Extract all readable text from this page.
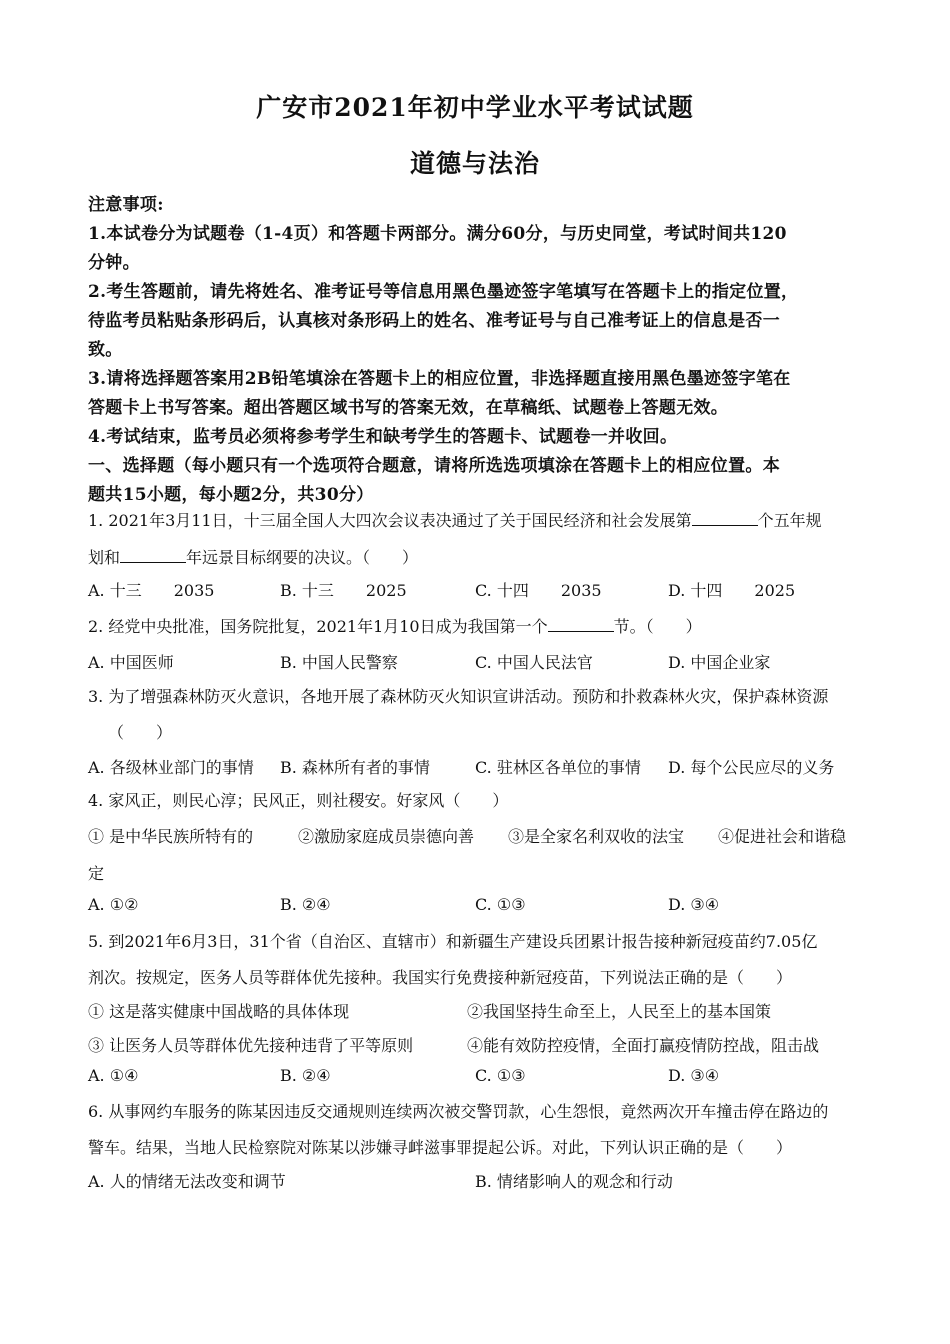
广安市2021年初中学业水平考试试题
道德与法治
注意事项:
1.本试卷分为试题卷（1-4页）和答题卡两部分。满分60分，与历史同堂，考试时间共120
分钟。
2.考生答题前，请先将姓名、准考证号等信息用黑色墨迹签字笔填写在答题卡上的指定位置，
待监考员粘贴条形码后，认真核对条形码上的姓名、准考证号与自己准考证上的信息是否一
致。
3.请将选择题答案用2B铅笔填涂在答题卡上的相应位置，非选择题直接用黑色墨迹签字笔在
答题卡上书写答案。超出答题区域书写的答案无效，在草稿纸、试题卷上答题无效。
4.考试结束，监考员必须将参考学生和缺考学生的答题卡、试题卷一并收回。
一、选择题（每小题只有一个选项符合题意，请将所选选项填涂在答题卡上的相应位置。本
题共15小题，每小题2分，共30分）
1. 2021年3月11日，十三届全国人大四次会议表决通过了关于国民经济和社会发展第	个五年规
划和	年远景目标纲要的决议。（　　）
A. 十三　　2035	B. 十三　　2025	C. 十四　　2035	D. 十四　　2025
2. 经党中央批准，国务院批复，2021年1月10日成为我国第一个	节。（　　）
A. 中国医师	B. 中国人民警察	C. 中国人民法官	D. 中国企业家
3. 为了增强森林防灭火意识，各地开展了森林防灭火知识宣讲活动。预防和扑救森林火灾，保护森林资源
（　　）
A. 各级林业部门的事情 B. 森林所有者的事情	C. 驻林区各单位的事情 D. 每个公民应尽的义务
4. 家风正，则民心淳；民风正，则社稷安。好家风（　　）
① 是中华民族所特有的	②激励家庭成员崇德向善 ③是全家名利双收的法宝 ④促进社会和谐稳
定
A. ①②	B. ②④	C. ①③	D. ③④
5. 到2021年6月3日，31个省（自治区、直辖市）和新疆生产建设兵团累计报告接种新冠疫苗约7.05亿
剂次。按规定，医务人员等群体优先接种。我国实行免费接种新冠疫苗，下列说法正确的是（　　）
① 这是落实健康中国战略的具体体现	②我国坚持生命至上，人民至上的基本国策
③ 让医务人员等群体优先接种违背了平等原则	④能有效防控疫情，全面打赢疫情防控战，阻击战
A. ①④	B. ②④	C. ①③	D. ③④
6. 从事网约车服务的陈某因违反交通规则连续两次被交警罚款，心生怨恨，竟然两次开车撞击停在路边的
警车。结果，当地人民检察院对陈某以涉嫌寻衅滋事罪提起公诉。对此，下列认识正确的是（　　）
A. 人的情绪无法改变和调节	B. 情绪影响人的观念和行动
